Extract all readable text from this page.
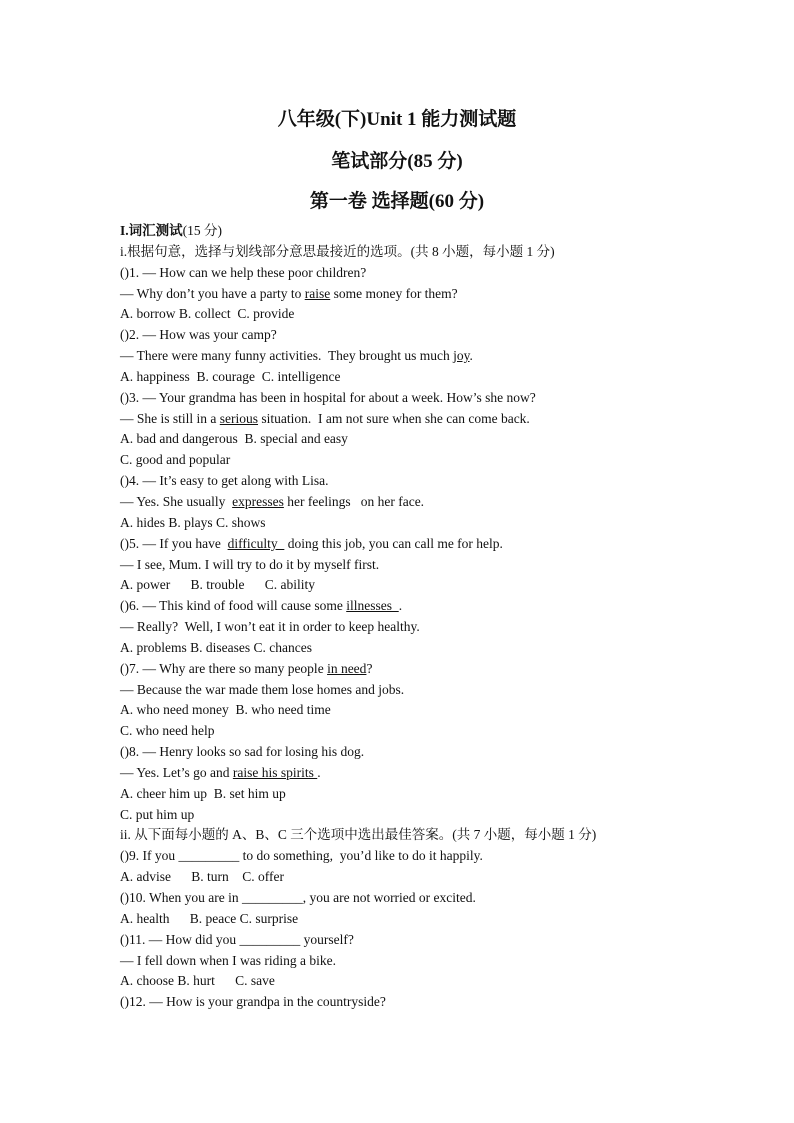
八年级(下)Unit 1 能力测试题
笔试部分(85 分)
第一卷 选择题(60 分)
I.词汇测试(15 分)
i.根据句意，选择与划线部分意思最接近的选项。(共 8 小题，每小题 1 分)
()1. — How can we help these poor children?
— Why don’t you have a party to raise some money for them?
A. borrow B. collect  C. provide
()2. — How was your camp?
— There were many funny activities.  They brought us much joy.
A. happiness  B. courage  C. intelligence
()3. — Your grandma has been in hospital for about a week. How’s she now?
— She is still in a serious situation.  I am not sure when she can come back.
A. bad and dangerous  B. special and easy
C. good and popular
()4. — It’s easy to get along with Lisa.
— Yes. She usually  expresses her feelings   on her face.
A. hides B. plays C. shows
()5. — If you have  difficulty   doing this job, you can call me for help.
— I see, Mum. I will try to do it by myself first.
A. power      B. trouble      C. ability
()6. — This kind of food will cause some illnesses  .
— Really?  Well, I won’t eat it in order to keep healthy.
A. problems B. diseases C. chances
()7. — Why are there so many people in need?
— Because the war made them lose homes and jobs.
A. who need money  B. who need time
C. who need help
()8. — Henry looks so sad for losing his dog.
— Yes. Let’s go and raise his spirits .
A. cheer him up  B. set him up
C. put him up
ii. 从下面每小题的 A、B、C 三个选项中选出最佳答案。(共 7 小题，每小题 1 分)
()9. If you _________ to do something,  you’d like to do it happily.
A. advise      B. turn    C. offer
()10. When you are in _________, you are not worried or excited.
A. health      B. peace C. surprise
()11. — How did you _________ yourself?
— I fell down when I was riding a bike.
A. choose B. hurt      C. save
()12. — How is your grandpa in the countryside?
